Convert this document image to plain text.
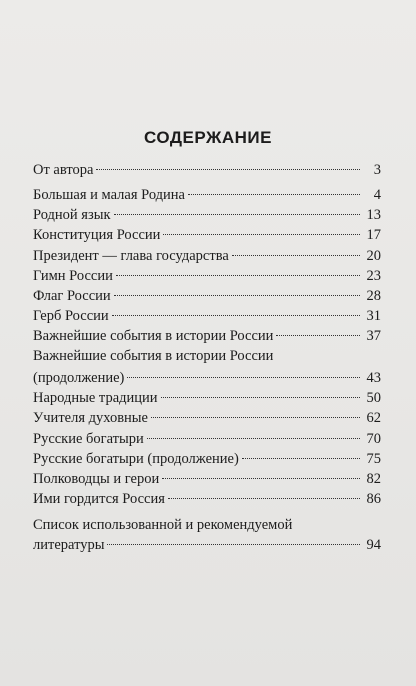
СОДЕРЖАНИЕ
От автора	3
Большая и малая Родина	4
Родной язык	13
Конституция России	17
Президент — глава государства	20
Гимн России	23
Флаг России	28
Герб России	31
Важнейшие события в истории России	37
Важнейшие события в истории России
(продолжение)	43
Народные традиции	50
Учителя духовные	62
Русские богатыри	70
Русские богатыри (продолжение)	75
Полководцы и герои	82
Ими гордится Россия	86
Список использованной и рекомендуемой
литературы	94
